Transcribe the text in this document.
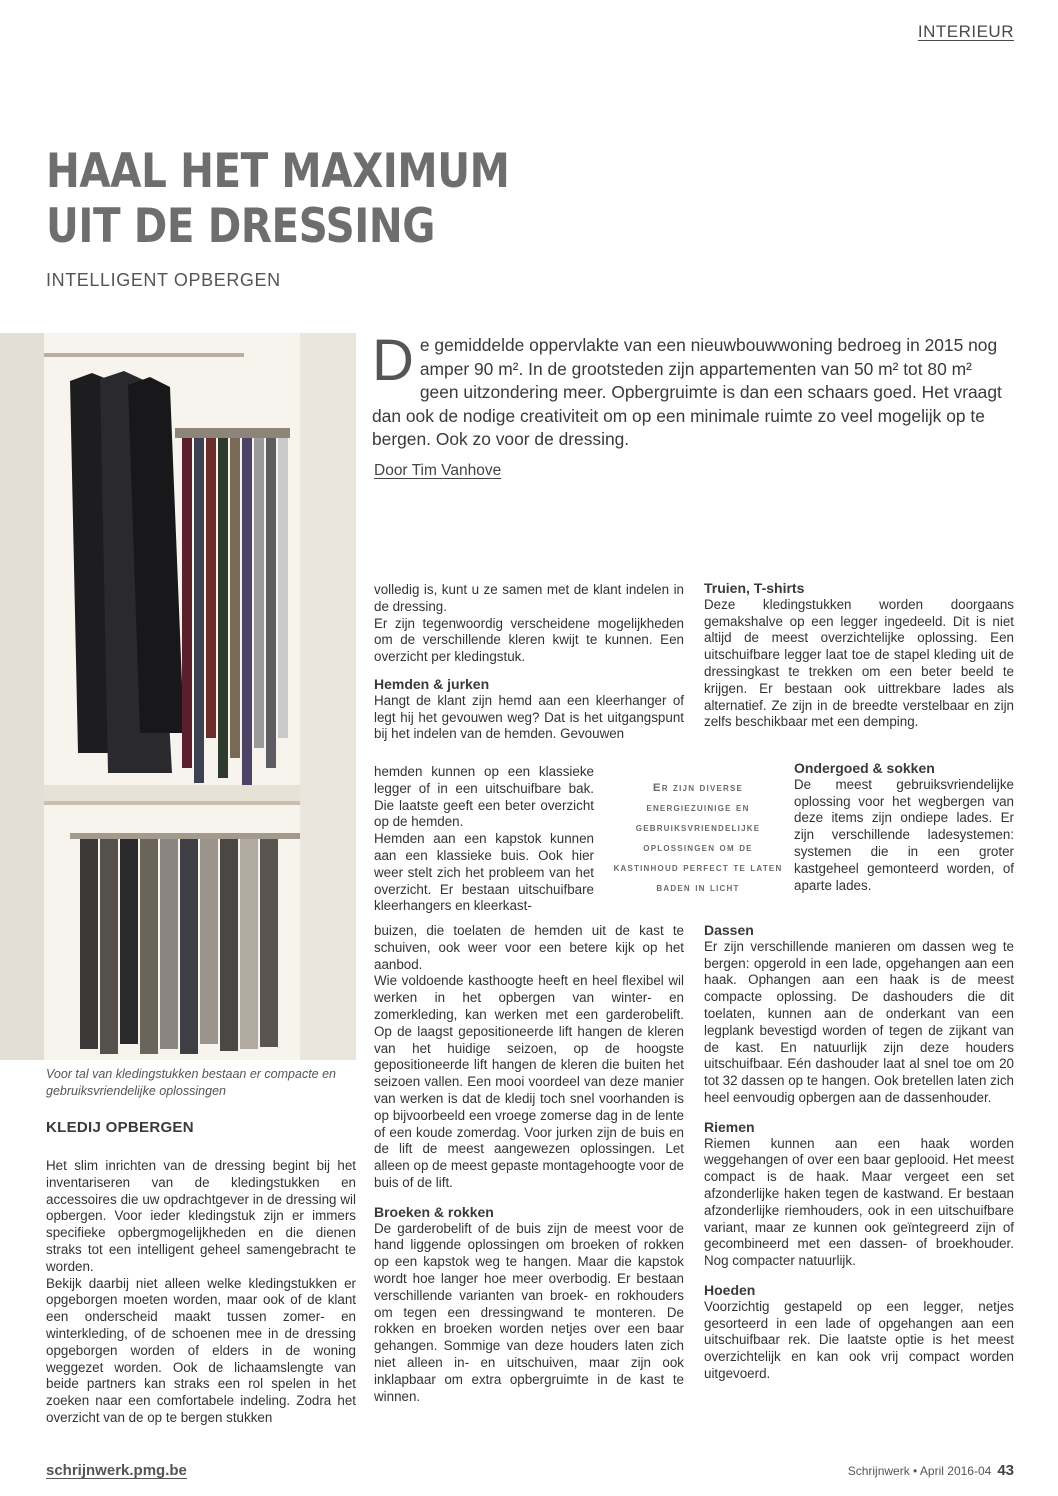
INTERIEUR
HAAL HET MAXIMUM
UIT DE DRESSING
INTELLIGENT OPBERGEN
Voor tal van kledingstukken bestaan er compacte en gebruiksvriendelijke oplossingen
De gemiddelde oppervlakte van een nieuwbouwwoning bedroeg in 2015 nog amper 90 m². In de grootsteden zijn appartementen van 50 m² tot 80 m² geen uitzondering meer. Opbergruimte is dan een schaars goed. Het vraagt dan ook de nodige creativiteit om op een minimale ruimte zo veel mogelijk op te bergen. Ook zo voor de dressing.
Door Tim Vanhove
KLEDIJ OPBERGEN

Het slim inrichten van de dressing begint bij het inventariseren van de kledingstukken en accessoires die uw opdrachtgever in de dressing wil opbergen. Voor ieder kledingstuk zijn er immers specifieke opbergmogelijkheden en die dienen straks tot een intelligent geheel samengebracht te worden.

Bekijk daarbij niet alleen welke kledingstukken er opgeborgen moeten worden, maar ook of de klant een onderscheid maakt tussen zomer- en winterkleding, of de schoenen mee in de dressing opgeborgen worden of elders in de woning weggezet worden. Ook de lichaamslengte van beide partners kan straks een rol spelen in het zoeken naar een comfortabele indeling. Zodra het overzicht van de op te bergen stukken

volledig is, kunt u ze samen met de klant indelen in de dressing.

Er zijn tegenwoordig verscheidene mogelijkheden om de verschillende kleren kwijt te kunnen. Een overzicht per kledingstuk.

Hemden & jurken

Hangt de klant zijn hemd aan een kleerhanger of legt hij het gevouwen weg? Dat is het uitgangspunt bij het indelen van de hemden. Gevouwen

hemden kunnen op een klassieke legger of in een uitschuifbare bak. Die laatste geeft een beter overzicht op de hemden.

Hemden aan een kapstok kunnen aan een klassieke buis. Ook hier weer stelt zich het probleem van het overzicht. Er bestaan uitschuifbare kleerhangers en kleerkast-

Er zijn diverse energiezuinige en gebruiksvriendelijke oplossingen om de kastinhoud perfect te laten baden in licht

buizen, die toelaten de hemden uit de kast te schuiven, ook weer voor een betere kijk op het aanbod.

Wie voldoende kasthoogte heeft en heel flexibel wil werken in het opbergen van winter- en zomerkleding, kan werken met een garderobelift. Op de laagst gepositioneerde lift hangen de kleren van het huidige seizoen, op de hoogste gepositioneerde lift hangen de kleren die buiten het seizoen vallen. Een mooi voordeel van deze manier van werken is dat de kledij toch snel voorhanden is op bijvoorbeeld een vroege zomerse dag in de lente of een koude zomerdag. Voor jurken zijn de buis en de lift de meest aangewezen oplossingen. Let alleen op de meest gepaste montagehoogte voor de buis of de lift.

Broeken & rokken

De garderobelift of de buis zijn de meest voor de hand liggende oplossingen om broeken of rokken op een kapstok weg te hangen. Maar die kapstok wordt hoe langer hoe meer overbodig. Er bestaan verschillende varianten van broek- en rokhouders om tegen een dressingwand te monteren. De rokken en broeken worden netjes over een baar gehangen. Sommige van deze houders laten zich niet alleen in- en uitschuiven, maar zijn ook inklapbaar om extra opbergruimte in de kast te winnen.

Truien, T-shirts

Deze kledingstukken worden doorgaans gemakshalve op een legger ingedeeld. Dit is niet altijd de meest overzichtelijke oplossing. Een uitschuifbare legger laat toe de stapel kleding uit de dressingkast te trekken om een beter beeld te krijgen. Er bestaan ook uittrekbare lades als alternatief. Ze zijn in de breedte verstelbaar en zijn zelfs beschikbaar met een demping.

Ondergoed & sokken

De meest gebruiksvriendelijke oplossing voor het wegbergen van deze items zijn ondiepe lades. Er zijn verschillende ladesystemen: systemen die in een groter kastgeheel gemonteerd worden, of aparte lades.

Dassen

Er zijn verschillende manieren om dassen weg te bergen: opgerold in een lade, opgehangen aan een haak. Ophangen aan een haak is de meest compacte oplossing. De dashouders die dit toelaten, kunnen aan de onderkant van een legplank bevestigd worden of tegen de zijkant van de kast. En natuurlijk zijn deze houders uitschuifbaar. Eén dashouder laat al snel toe om 20 tot 32 dassen op te hangen. Ook bretellen laten zich heel eenvoudig opbergen aan de dassenhouder.

Riemen

Riemen kunnen aan een haak worden weggehangen of over een baar geplooid. Het meest compact is de haak. Maar vergeet een set afzonderlijke haken tegen de kastwand. Er bestaan afzonderlijke riemhouders, ook in een uitschuifbare variant, maar ze kunnen ook geïntegreerd zijn of gecombineerd met een dassen- of broekhouder. Nog compacter natuurlijk.

Hoeden

Voorzichtig gestapeld op een legger, netjes gesorteerd in een lade of opgehangen aan een uitschuifbaar rek. Die laatste optie is het meest overzichtelijk en kan ook vrij compact worden uitgevoerd.

schrijnwerk.pmg.be	Schrijnwerk • April 2016-04 43
